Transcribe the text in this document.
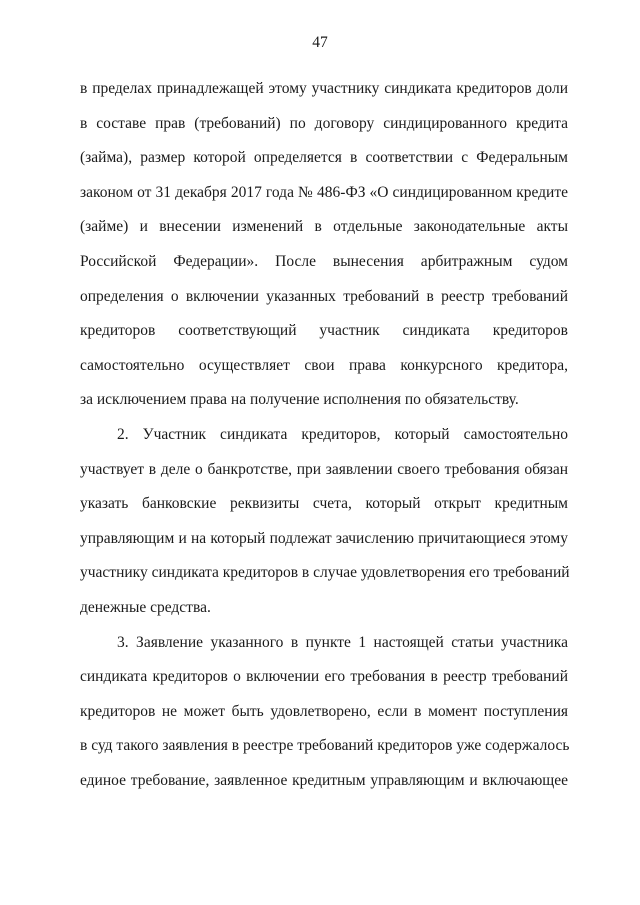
47
в пределах принадлежащей этому участнику синдиката кредиторов доли
в составе прав (требований) по договору синдицированного кредита
(займа), размер которой определяется в соответствии с Федеральным
законом от 31 декабря 2017 года № 486-ФЗ «О синдицированном кредите
(займе) и внесении изменений в отдельные законодательные акты
Российской Федерации». После вынесения арбитражным судом
определения о включении указанных требований в реестр требований
кредиторов соответствующий участник синдиката кредиторов
самостоятельно осуществляет свои права конкурсного кредитора,
за исключением права на получение исполнения по обязательству.
2. Участник синдиката кредиторов, который самостоятельно
участвует в деле о банкротстве, при заявлении своего требования обязан
указать банковские реквизиты счета, который открыт кредитным
управляющим и на который подлежат зачислению причитающиеся этому
участнику синдиката кредиторов в случае удовлетворения его требований
денежные средства.
3. Заявление указанного в пункте 1 настоящей статьи участника
синдиката кредиторов о включении его требования в реестр требований
кредиторов не может быть удовлетворено, если в момент поступления
в суд такого заявления в реестре требований кредиторов уже содержалось
единое требование, заявленное кредитным управляющим и включающее
